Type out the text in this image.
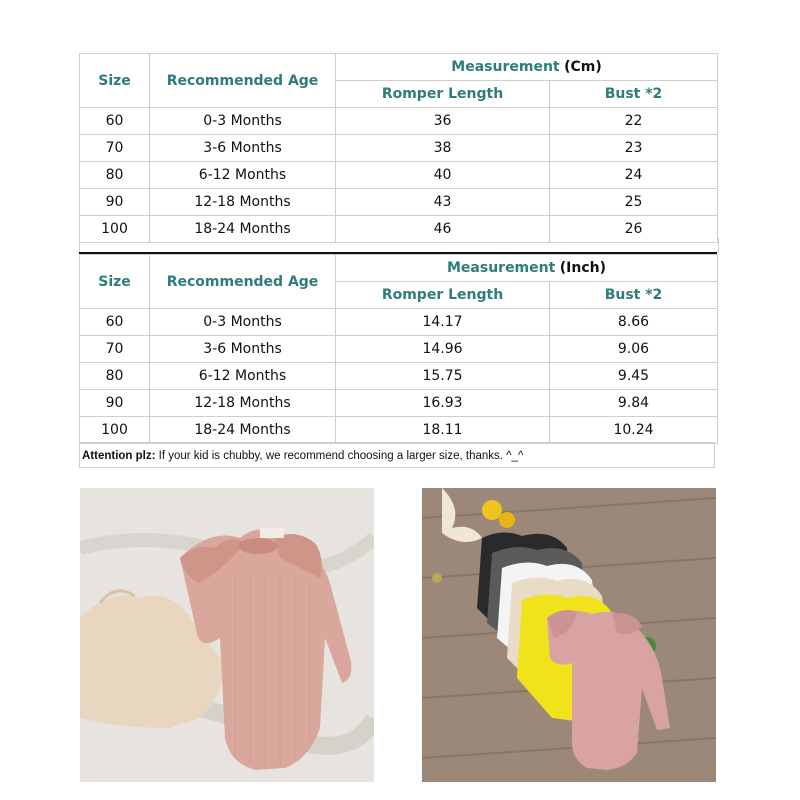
Size	Recommended Age	Measurement (Cm)	
		Romper Length	Bust *2
60	0-3 Months	36	22
70	3-6 Months	38	23
80	6-12 Months	40	24
90	12-18 Months	43	25
100	18-24 Months	46	26
Size	Recommended Age	Measurement (Inch)	
		Romper Length	Bust *2
60	0-3 Months	14.17	8.66
70	3-6 Months	14.96	9.06
80	6-12 Months	15.75	9.45
90	12-18 Months	16.93	9.84
100	18-24 Months	18.11	10.24
Attention plz: If your kid is chubby, we recommend choosing a larger size, thanks. ^_^
